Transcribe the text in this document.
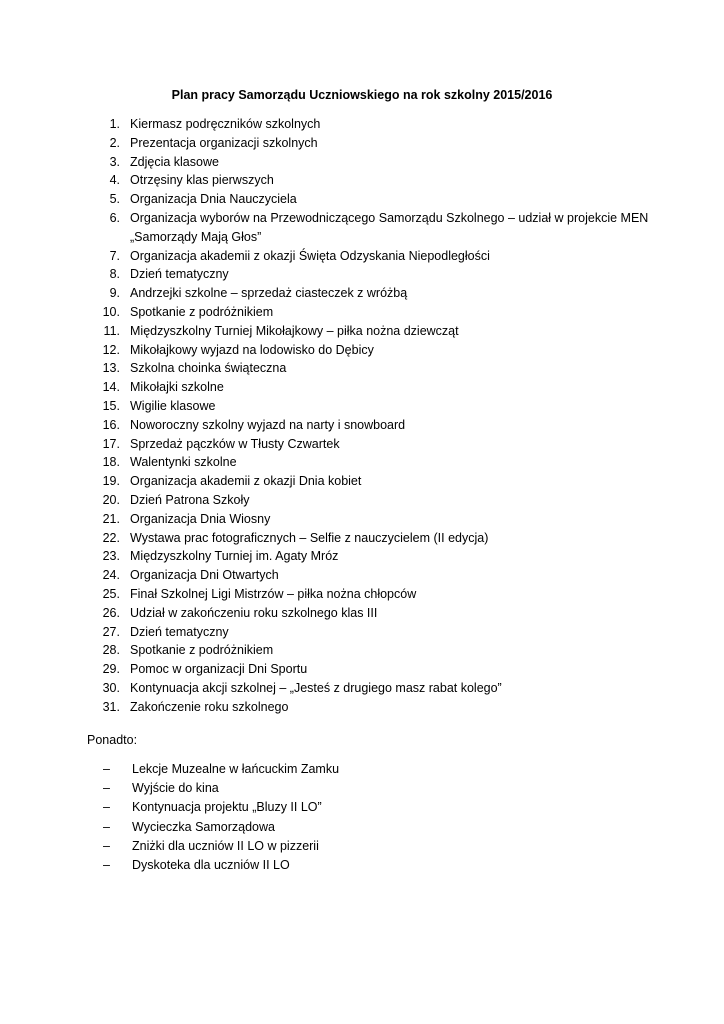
Plan pracy Samorządu Uczniowskiego na rok szkolny 2015/2016
1. Kiermasz podręczników szkolnych
2. Prezentacja organizacji szkolnych
3. Zdjęcia klasowe
4. Otrzęsiny klas pierwszych
5. Organizacja Dnia Nauczyciela
6. Organizacja wyborów na Przewodniczącego Samorządu Szkolnego – udział w projekcie MEN „Samorządy Mają Głos”
7. Organizacja akademii z okazji Święta Odzyskania Niepodległości
8. Dzień tematyczny
9. Andrzejki szkolne – sprzedaż ciasteczek z wróżbą
10. Spotkanie z podróżnikiem
11. Międzyszkolny Turniej Mikołajkowy – piłka nożna dziewcząt
12. Mikołajkowy wyjazd na lodowisko do Dębicy
13. Szkolna choinka świąteczna
14. Mikołajki szkolne
15. Wigilie klasowe
16. Noworoczny szkolny wyjazd na narty i snowboard
17. Sprzedaż pączków w Tłusty Czwartek
18. Walentynki szkolne
19. Organizacja akademii z okazji Dnia kobiet
20. Dzień Patrona Szkoły
21. Organizacja Dnia Wiosny
22. Wystawa prac fotograficznych – Selfie z nauczycielem (II edycja)
23. Międzyszkolny Turniej im. Agaty Mróz
24. Organizacja Dni Otwartych
25. Finał Szkolnej Ligi Mistrzów – piłka nożna chłopców
26. Udział w zakończeniu roku szkolnego klas III
27. Dzień tematyczny
28. Spotkanie z podróżnikiem
29. Pomoc w organizacji Dni Sportu
30. Kontynuacja akcji szkolnej – „Jesteś z drugiego masz rabat kolego”
31. Zakończenie roku szkolnego
Ponadto:
– Lekcje Muzealne w łańcuckim Zamku
– Wyjście do kina
– Kontynuacja projektu „Bluzy II LO”
– Wycieczka Samorządowa
– Zniżki dla uczniów II LO w pizzerii
– Dyskoteka dla uczniów II LO
